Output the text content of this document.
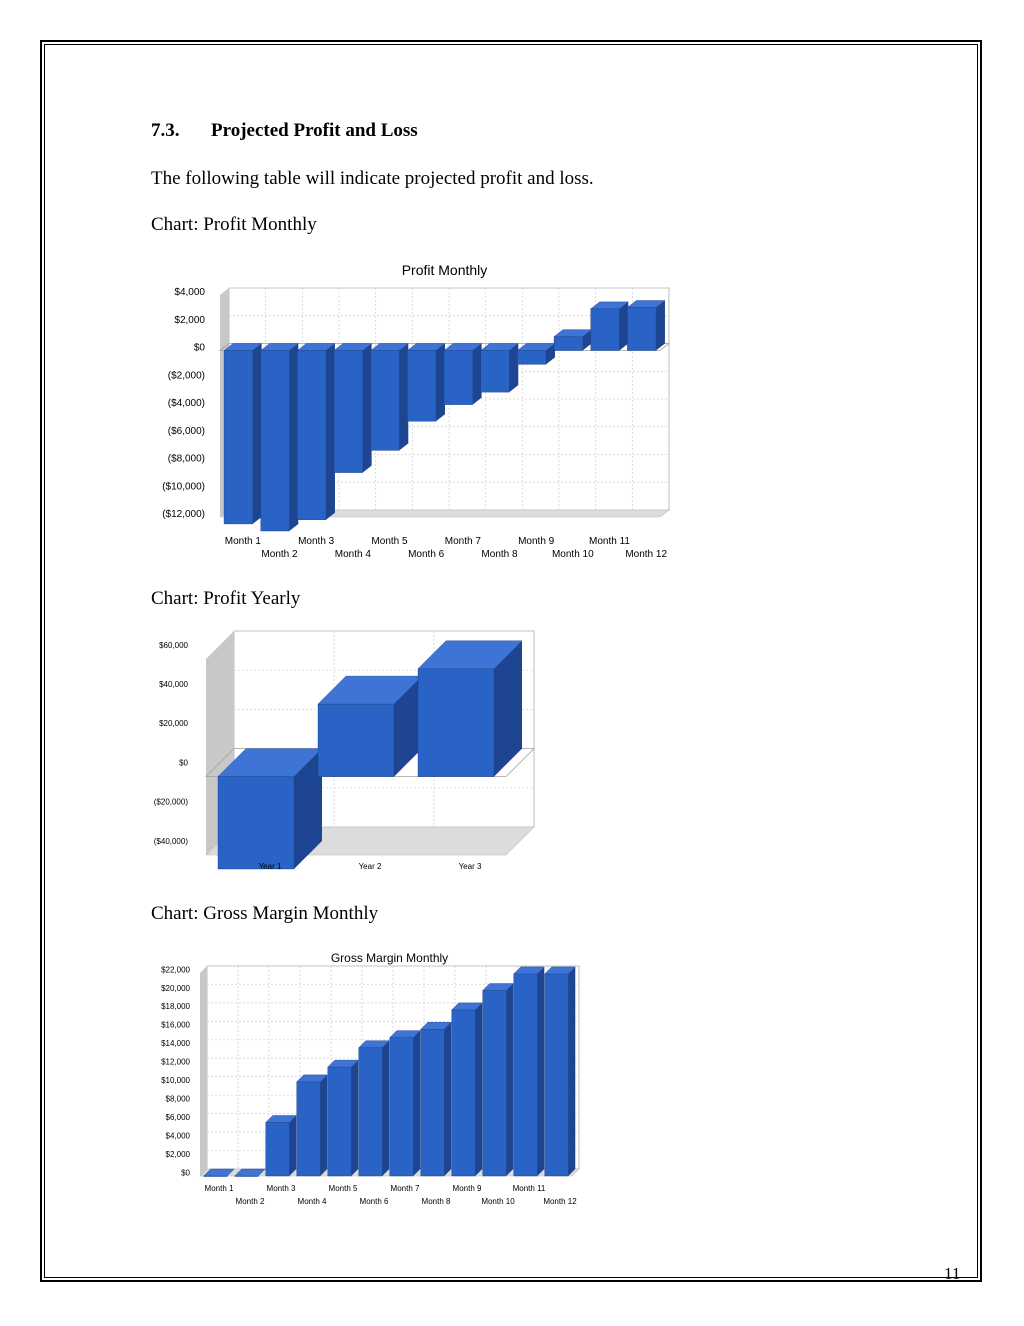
7.3. Projected Profit and Loss
The following table will indicate projected profit and loss.
Chart: Profit Monthly
Profit Monthly
$4,000
$2,000
$0
($2,000)
($4,000)
($6,000)
($8,000)
($10,000)
($12,000)
Month 1
Month 2
Month 3
Month 4
Month 5
Month 6
Month 7
Month 8
Month 9
Month 10
Month 11
Month 12
Chart: Profit Yearly
$60,000
$40,000
$20,000
$0
($20,000)
($40,000)
Year 1	Year 2	Year 3
Chart: Gross Margin Monthly
Gross Margin Monthly
$22,000
$20,000
$18,000
$16,000
$14,000
$12,000
$10,000
$8,000
$6,000
$4,000
$2,000
$0
Month 1
Month 2
Month 3
Month 4
Month 5
Month 6
Month 7
Month 8
Month 9
Month 10
Month 11
Month 12
11
